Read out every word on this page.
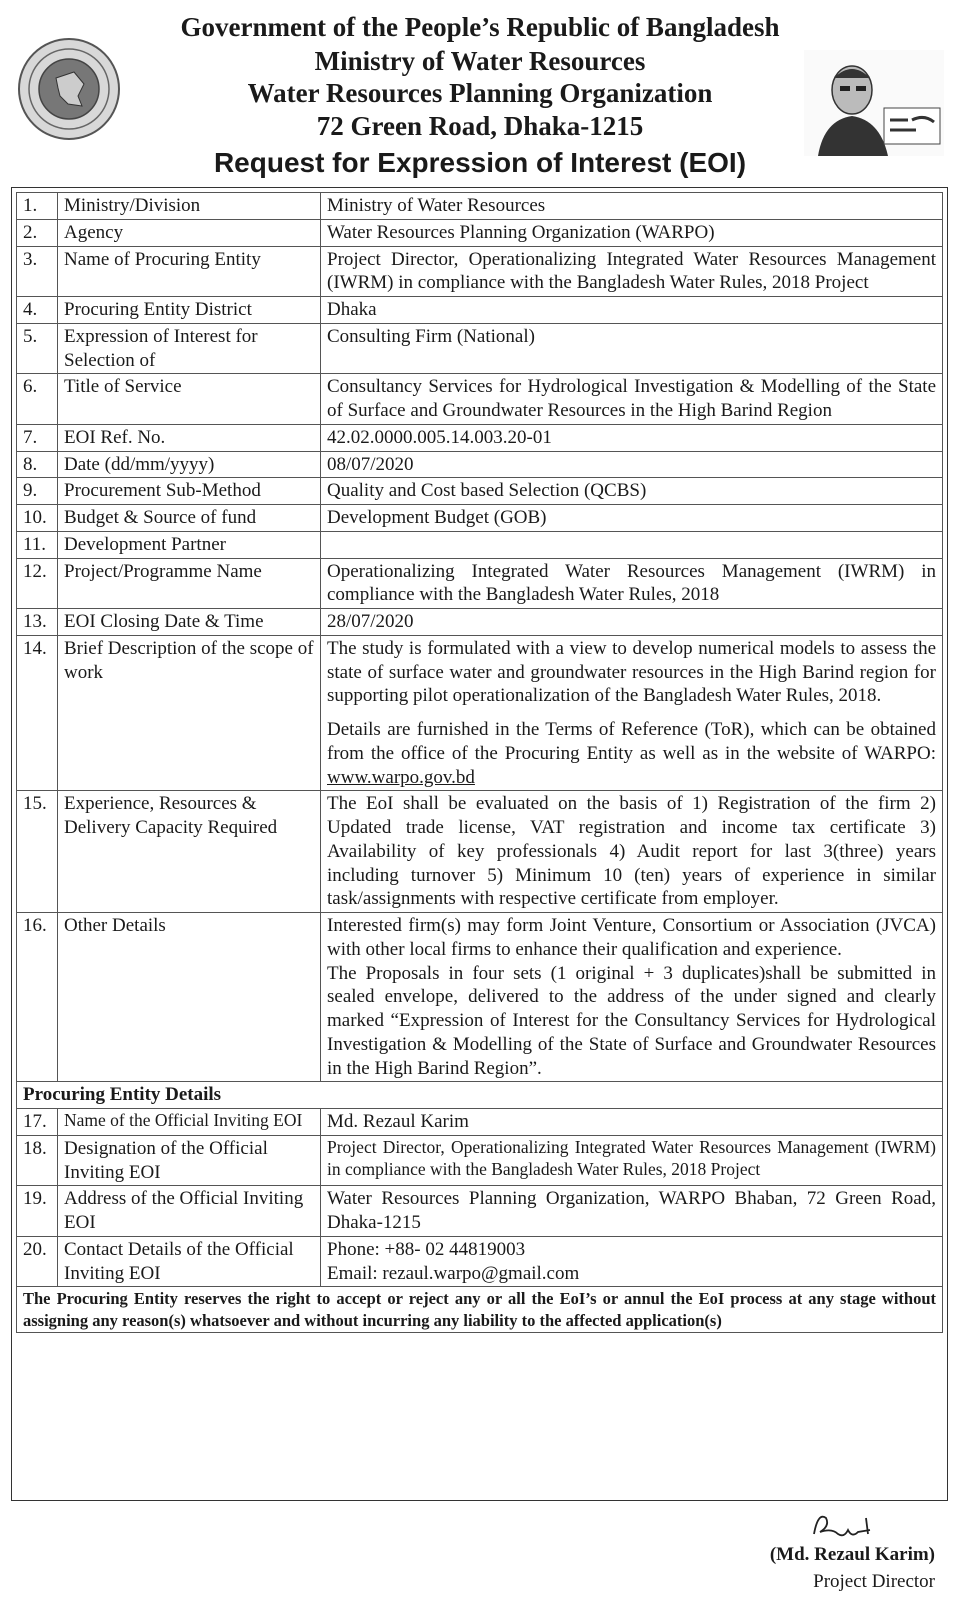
Government of the People’s Republic of Bangladesh
Ministry of Water Resources
Water Resources Planning Organization
72 Green Road, Dhaka-1215
Request for Expression of Interest (EOI)
1.	Ministry/Division	Ministry of Water Resources
2.	Agency	Water Resources Planning Organization (WARPO)
3.	Name of Procuring Entity	Project Director, Operationalizing Integrated Water Resources Management (IWRM) in compliance with the Bangladesh Water Rules, 2018 Project
4.	Procuring Entity District	Dhaka
5.	Expression of Interest for Selection of	Consulting Firm (National)
6.	Title of Service	Consultancy Services for Hydrological Investigation & Modelling of the State of Surface and Groundwater Resources in the High Barind Region
7.	EOI Ref. No.	42.02.0000.005.14.003.20-01
8.	Date (dd/mm/yyyy)	08/07/2020
9.	Procurement Sub-Method	Quality and Cost based Selection (QCBS)
10.	Budget & Source of fund	Development Budget (GOB)
11.	Development Partner	
12.	Project/Programme Name	Operationalizing Integrated Water Resources Management (IWRM) in compliance with the Bangladesh Water Rules, 2018
13.	EOI Closing Date & Time	28/07/2020
14.	Brief Description of the scope of work	The study is formulated with a view to develop numerical models to assess the state of surface water and groundwater resources in the High Barind region for supporting pilot operationalization of the Bangladesh Water Rules, 2018.

Details are furnished in the Terms of Reference (ToR), which can be obtained from the office of the Procuring Entity as well as in the website of WARPO: www.warpo.gov.bd

15.	Experience, Resources & Delivery Capacity Required	The EoI shall be evaluated on the basis of 1) Registration of the firm 2) Updated trade license, VAT registration and income tax certificate 3) Availability of key professionals 4) Audit report for last 3(three) years including turnover 5) Minimum 10 (ten) years of experience in similar task/assignments with respective certificate from employer.
16.	Other Details	Interested firm(s) may form Joint Venture, Consortium or Association (JVCA) with other local firms to enhance their qualification and experience.

The Proposals in four sets (1 original + 3 duplicates)shall be submitted in sealed envelope, delivered to the address of the under signed and clearly marked “Expression of Interest for the Consultancy Services for Hydrological Investigation & Modelling of the State of Surface and Groundwater Resources in the High Barind Region”.

Procuring Entity Details		
17.	Name of the Official Inviting EOI	Md. Rezaul Karim
18.	Designation of the Official Inviting EOI	Project Director, Operationalizing Integrated Water Resources Management (IWRM) in compliance with the Bangladesh Water Rules, 2018 Project
19.	Address of the Official Inviting EOI	Water Resources Planning Organization, WARPO Bhaban, 72 Green Road, Dhaka-1215
20.	Contact Details of the Official Inviting EOI	Phone: +88- 02 44819003
Email: rezaul.warpo@gmail.com

The Procuring Entity reserves the right to accept or reject any or all the EoI’s or annul the EoI process at any stage without assigning any reason(s) whatsoever and without incurring any liability to the affected application(s)		
(Md. Rezaul Karim)
Project Director
